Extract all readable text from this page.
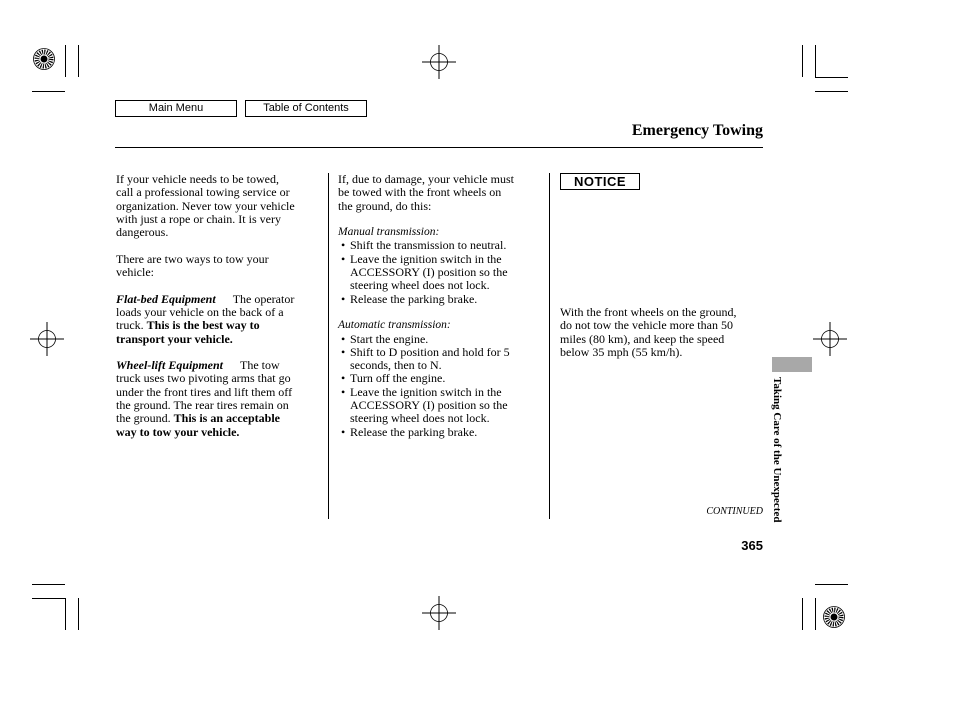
Main Menu	Table of Contents
Emergency Towing
If your vehicle needs to be towed,
call a professional towing service or
organization. Never tow your vehicle
with just a rope or chain. It is very
dangerous.
There are two ways to tow your
vehicle:
Flat-bed Equipment The operator
loads your vehicle on the back of a
truck. This is the best way to
transport your vehicle.
Wheel-lift Equipment The tow
truck uses two pivoting arms that go
under the front tires and lift them off
the ground. The rear tires remain on
the ground. This is an acceptable
way to tow your vehicle.
If, due to damage, your vehicle must
be towed with the front wheels on
the ground, do this:
Manual transmission:
• Shift the transmission to neutral.
• Leave the ignition switch in the
ACCESSORY (I) position so the
steering wheel does not lock.
• Release the parking brake.
Automatic transmission:
• Start the engine.
• Shift to D position and hold for 5
seconds, then to N.
• Turn off the engine.
• Leave the ignition switch in the
ACCESSORY (I) position so the
steering wheel does not lock.
• Release the parking brake.
NOTICE
With the front wheels on the ground,
do not tow the vehicle more than 50
miles (80 km), and keep the speed
below 35 mph (55 km/h).
Taking Care of the Unexpected
CONTINUED
365
